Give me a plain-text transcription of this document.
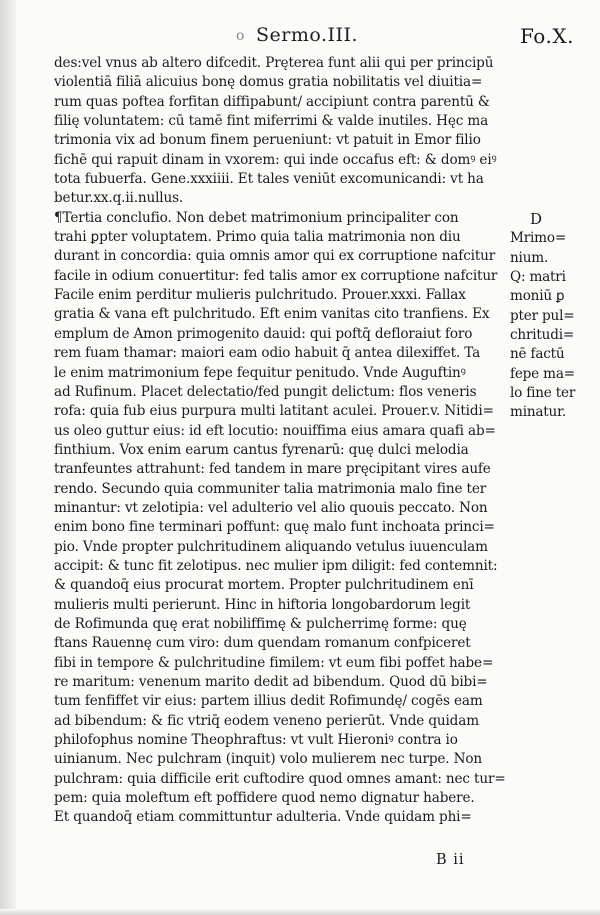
o Sermo.III.	Fo.X.
des:vel vnus ab altero difcedit. Pręterea funt alii qui per principū
violentiā filiā alicuius bonę domus gratia nobilitatis vel diuitia=
rum quas poftea forfitan diffipabunt/ accipiunt contra parentū &
filię voluntatem: cū tamē fint miferrimi & valde inutiles. Hęc ma
trimonia vix ad bonum finem perueniunt: vt patuit in Emor filio
fichē qui rapuit dinam in vxorem: qui inde occafus eft: & domꝰ eiꝰ
tota fubuerfa. Gene.xxxiiii. Et tales veniūt excomunicandi: vt ha
betur.xx.q.ii.nullus.
¶Tertia conclufio. Non debet matrimonium principaliter con
trahi ꝑpter voluptatem. Primo quia talia matrimonia non diu
durant in concordia: quia omnis amor qui ex corruptione nafcitur
facile in odium conuertitur: fed talis amor ex corruptione nafcitur
Facile enim perditur mulieris pulchritudo. Prouer.xxxi. Fallax
gratia & vana eft pulchritudo. Eft enim vanitas cito tranfiens. Ex
emplum de Amon primogenito dauid: qui poftq̄ defloraiut foro
rem fuam thamar: maiori eam odio habuit q̄ antea dilexiffet. Ta
le enim matrimonium fepe fequitur penitudo. Vnde Auguftinꝰ
ad Rufinum. Placet delectatio/fed pungit delictum: flos veneris
rofa: quia fub eius purpura multi latitant aculei. Prouer.v. Nitidi=
us oleo guttur eius: id eft locutio: nouiffima eius amara quafi ab=
finthium. Vox enim earum cantus fyrenarū: quę dulci melodia
tranfeuntes attrahunt: fed tandem in mare pręcipitant vires aufe
rendo. Secundo quia communiter talia matrimonia malo fine ter
minantur: vt zelotipia: vel adulterio vel alio quouis peccato. Non
enim bono fine terminari poffunt: quę malo funt inchoata princi=
pio. Vnde propter pulchritudinem aliquando vetulus iuuenculam
accipit: & tunc fit zelotipus. nec mulier ipm diligit: fed contemnit:
& quandoq̄ eius procurat mortem. Propter pulchritudinem enī
mulieris multi perierunt. Hinc in hiftoria longobardorum legit
de Rofimunda quę erat nobiliffimę & pulcherrimę forme: quę
ftans Rauennę cum viro: dum quendam romanum confpiceret
fibi in tempore & pulchritudine fimilem: vt eum fibi poffet habe=
re maritum: venenum marito dedit ad bibendum. Quod dū bibi=
tum fenfiffet vir eius: partem illius dedit Rofimundę/ cogēs eam
ad bibendum: & fic vtriq̄ eodem veneno perierūt. Vnde quidam
philofophus nomine Theophraftus: vt vult Hieroniꝰ contra io
uinianum. Nec pulchram (inquit) volo mulierem nec turpe. Non
pulchram: quia difficile erit cuftodire quod omnes amant: nec tur=
pem: quia moleftum eft poffidere quod nemo dignatur habere.
Et quandoq̄ etiam committuntur adulteria. Vnde quidam phi=
D
Mrimo=
nium.
Q: matri
moniū ꝑ
pter pul=
chritudi=
nē factū
fepe ma=
lo fine ter
minatur.
B ii
